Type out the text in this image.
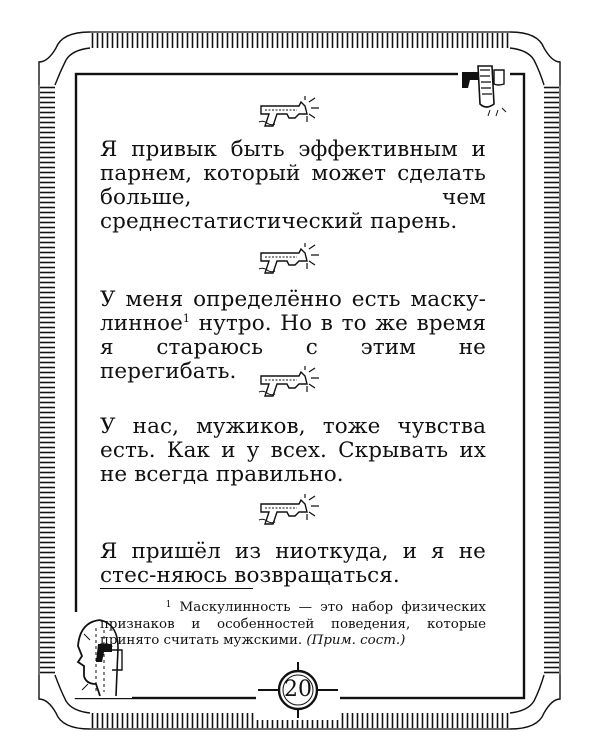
Я привык быть эффективным и парнем, который может сделать больше, чем среднестатистический парень.
У меня определённо есть маску-линное$^1$ нутро. Но в то же время я стараюсь с этим не перегибать.
У нас, мужиков, тоже чувства есть. Как и у всех. Скрывать их не всегда правильно.
Я пришёл из ниоткуда, и я не стес-няюсь возвращаться.
$^1$ Маскулинность — это набор физических признаков и особенностей поведения, которые принято считать мужскими. (Прим. сост.)
20
